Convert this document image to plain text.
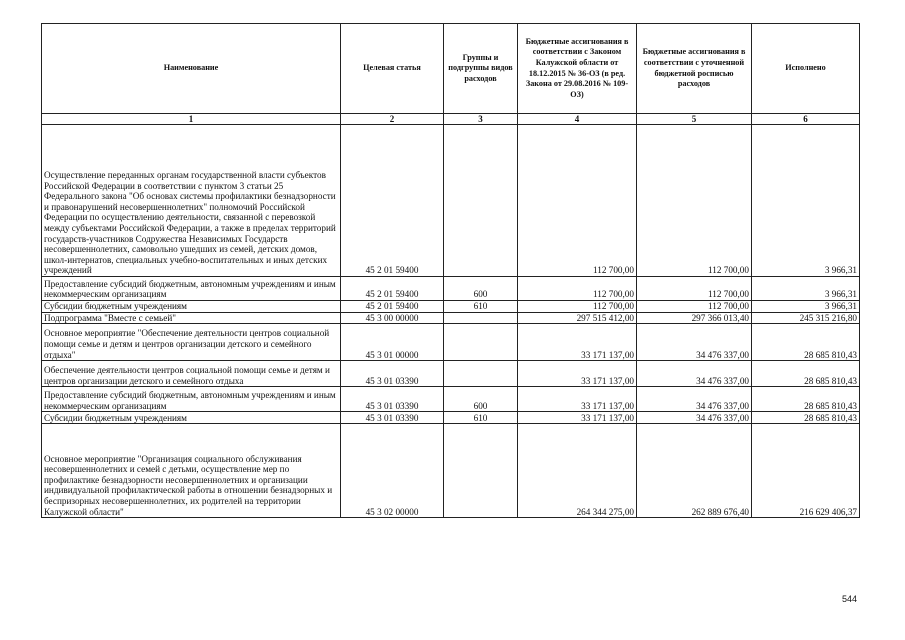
Наименование	Целевая статья	Группы и подгруппы видов расходов	Бюджетные ассигнования в соответствии с Законом Калужской области от 18.12.2015 № 36-ОЗ (в ред. Закона от 29.08.2016 № 109-ОЗ)	Бюджетные ассигнования в соответствии с уточненной бюджетной росписью расходов	Исполнено
1	2	3	4	5	6
Осуществление переданных органам государственной власти субъектов Российской Федерации в соответствии с пунктом 3 статьи 25 Федерального закона "Об основах системы профилактики безнадзорности и правонарушений несовершеннолетних" полномочий Российской Федерации по осуществлению деятельности, связанной с перевозкой между субъектами Российской Федерации, а также в пределах территорий государств-участников Содружества Независимых Государств несовершеннолетних, самовольно ушедших из семей, детских домов, школ-интернатов, специальных учебно-воспитательных и иных детских учреждений	45 2 01 59400		112 700,00	112 700,00	3 966,31
Предоставление субсидий бюджетным, автономным учреждениям и иным некоммерческим организациям	45 2 01 59400	600	112 700,00	112 700,00	3 966,31
Субсидии бюджетным учреждениям	45 2 01 59400	610	112 700,00	112 700,00	3 966,31
Подпрограмма "Вместе с семьей"	45 3 00 00000		297 515 412,00	297 366 013,40	245 315 216,80
Основное мероприятие "Обеспечение деятельности центров социальной помощи семье и детям и центров организации детского и семейного отдыха"	45 3 01 00000		33 171 137,00	34 476 337,00	28 685 810,43
Обеспечение деятельности центров социальной помощи семье и детям и центров организации детского и семейного отдыха	45 3 01 03390		33 171 137,00	34 476 337,00	28 685 810,43
Предоставление субсидий бюджетным, автономным учреждениям и иным некоммерческим организациям	45 3 01 03390	600	33 171 137,00	34 476 337,00	28 685 810,43
Субсидии бюджетным учреждениям	45 3 01 03390	610	33 171 137,00	34 476 337,00	28 685 810,43
Основное мероприятие "Организация социального обслуживания несовершеннолетних и семей с детьми, осуществление мер по профилактике безнадзорности несовершеннолетних и организации индивидуальной профилактической работы в отношении безнадзорных и беспризорных несовершеннолетних, их родителей на территории Калужской области"	45 3 02 00000		264 344 275,00	262 889 676,40	216 629 406,37
544
